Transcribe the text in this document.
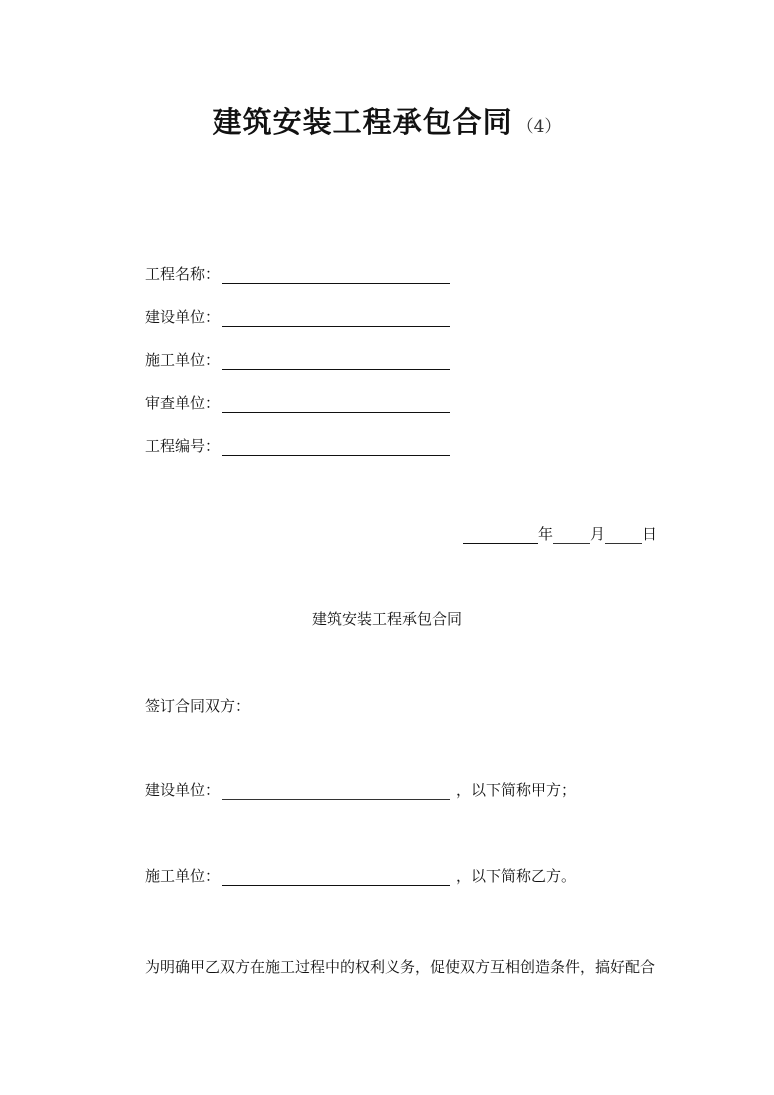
建筑安装工程承包合同 （4）
工程名称：
建设单位：
施工单位：
审查单位：
工程编号：
年 月 日
建筑安装工程承包合同
签订合同双方：
建设单位：	，以下简称甲方；
施工单位：	，以下简称乙方。
为明确甲乙双方在施工过程中的权利义务，促使双方互相创造条件，搞好配合
